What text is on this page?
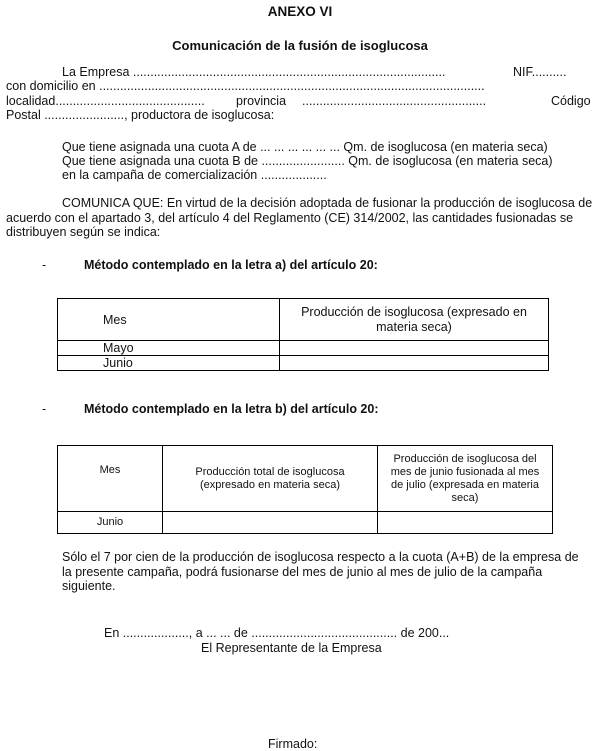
ANEXO VI
Comunicación de la fusión de isoglucosa
La Empresa ..........................................................................................	NIF..........
con domicilio en ...............................................................................................................
localidad...........................................	provincia .....................................................	Código
Postal ......................., productora de isoglucosa:
Que tiene asignada una cuota A de ... ... ... ... ... ... Qm. de isoglucosa (en materia seca)
Que tiene asignada una cuota B de ........................ Qm. de isoglucosa (en materia seca)
en la campaña de comercialización ...................
COMUNICA QUE: En virtud de la decisión adoptada de fusionar la producción de isoglucosa de
acuerdo con el apartado 3, del artículo 4 del Reglamento (CE) 314/2002, las cantidades fusionadas se
distribuyen según se indica:
-	Método contemplado en la letra a) del artículo 20:
Mes	Producción de isoglucosa (expresado en materia seca)
Mayo	
Junio	
-	Método contemplado en la letra b) del artículo 20:
Mes	Producción total de isoglucosa (expresado en materia seca)	Producción de isoglucosa del mes de junio fusionada al mes de julio (expresada en materia seca)
Junio		
Sólo el 7 por cien de la producción de isoglucosa respecto a la cuota (A+B) de la empresa de
la presente campaña, podrá fusionarse del mes de junio al mes de julio de la campaña
siguiente.
En ..................., a ... ... de .......................................... de 200...
El Representante de la Empresa
Firmado:
